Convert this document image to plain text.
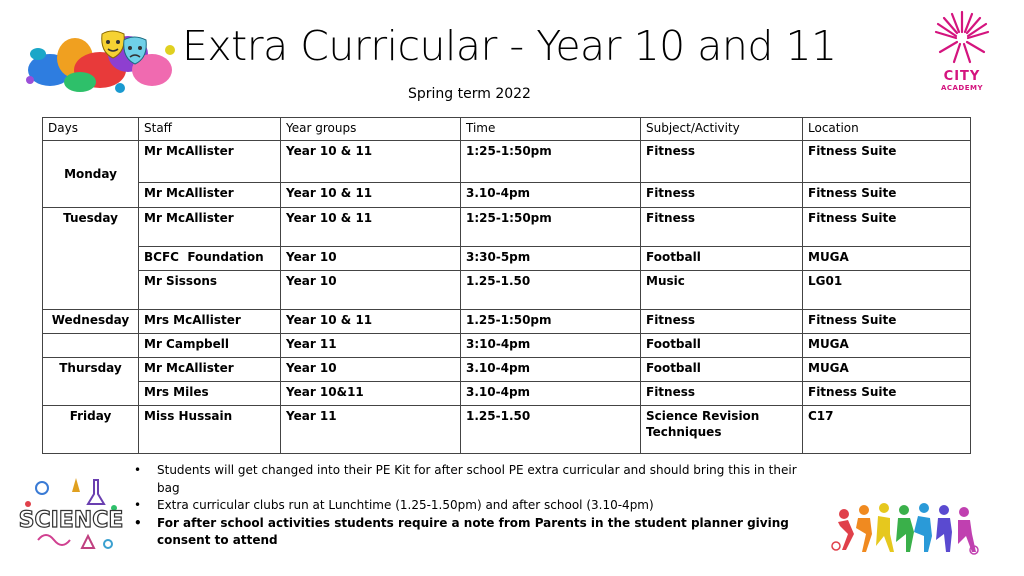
Extra Curricular - Year 10 and 11
Spring term 2022
CITY
ACADEMY
Days	Staff	Year groups	Time	Subject/Activity	Location
Monday	Mr McAllister	Year 10 & 11	1:25-1:50pm	Fitness	Fitness Suite
	Mr McAllister	Year 10 & 11	3.10-4pm	Fitness	Fitness Suite
Tuesday	Mr McAllister	Year 10 & 11	1:25-1:50pm	Fitness	Fitness Suite
	BCFC  Foundation	Year 10	3:30-5pm	Football	MUGA
	Mr Sissons	Year 10	1.25-1.50	Music	LG01
Wednesday	Mrs McAllister	Year 10 & 11	1.25-1:50pm	Fitness	Fitness Suite
	Mr Campbell	Year 11	3:10-4pm	Football	MUGA
Thursday	Mr McAllister	Year 10	3.10-4pm	Football	MUGA
	Mrs Miles	Year 10&11	3.10-4pm	Fitness	Fitness Suite
Friday	Miss Hussain	Year 11	1.25-1.50	Science Revision Techniques	C17
SCIENCE
• Students will get changed into their PE Kit for after school PE extra curricular and should bring this in their bag
• Extra curricular clubs run at Lunchtime (1.25-1.50pm) and after school (3.10-4pm)
• For after school activities students require a note from Parents in the student planner giving consent to attend
